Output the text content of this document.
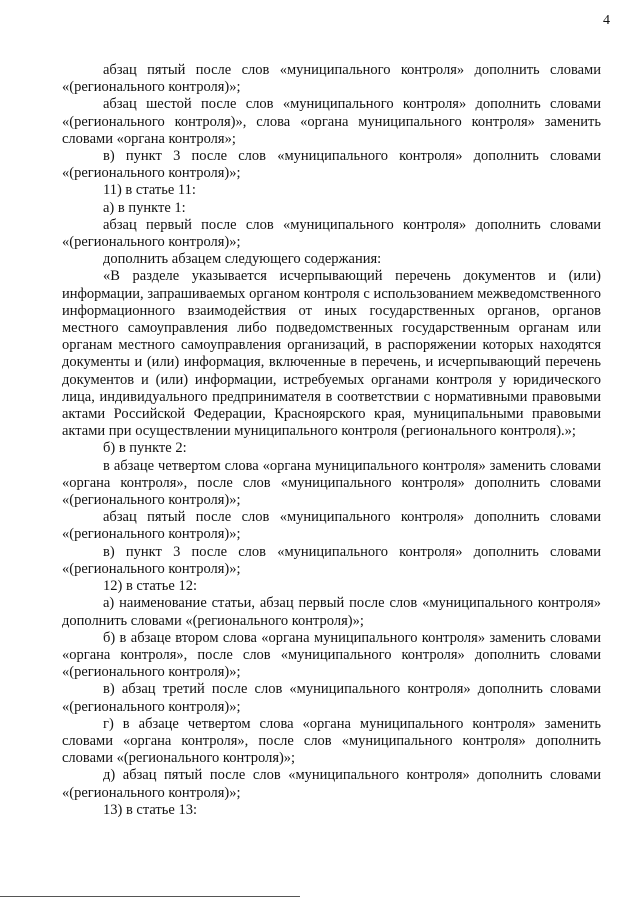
4

абзац пятый после слов «муниципального контроля» дополнить словами «(регионального контроля)»;

абзац шестой после слов «муниципального контроля» дополнить словами «(регионального контроля)», слова «органа муниципального контроля» заменить словами «органа контроля»;

в) пункт 3 после слов «муниципального контроля» дополнить словами «(регионального контроля)»;

11) в статье 11:

а) в пункте 1:

абзац первый после слов «муниципального контроля» дополнить словами «(регионального контроля)»;

дополнить абзацем следующего содержания:

«В разделе указывается исчерпывающий перечень документов и (или) информации, запрашиваемых органом контроля с использованием межведомственного информационного взаимодействия от иных государственных органов, органов местного самоуправления либо подведомственных государственным органам или органам местного самоуправления организаций, в распоряжении которых находятся документы и (или) информация, включенные в перечень, и исчерпывающий перечень документов и (или) информации, истребуемых органами контроля у юридического лица, индивидуального предпринимателя в соответствии с нормативными правовыми актами Российской Федерации, Красноярского края, муниципальными правовыми актами при осуществлении муниципального контроля (регионального контроля).»;

б) в пункте 2:

в абзаце четвертом слова «органа муниципального контроля» заменить словами «органа контроля», после слов «муниципального контроля» дополнить словами «(регионального контроля)»;

абзац пятый после слов «муниципального контроля» дополнить словами «(регионального контроля)»;

в) пункт 3 после слов «муниципального контроля» дополнить словами «(регионального контроля)»;

12) в статье 12:

а) наименование статьи, абзац первый после слов «муниципального контроля» дополнить словами «(регионального контроля)»;

б) в абзаце втором слова «органа муниципального контроля» заменить словами «органа контроля», после слов «муниципального контроля» дополнить словами «(регионального контроля)»;

в) абзац третий после слов «муниципального контроля» дополнить словами «(регионального контроля)»;

г) в абзаце четвертом слова «органа муниципального контроля» заменить словами «органа контроля», после слов «муниципального контроля» дополнить словами «(регионального контроля)»;

д) абзац пятый после слов «муниципального контроля» дополнить словами «(регионального контроля)»;

13) в статье 13:
